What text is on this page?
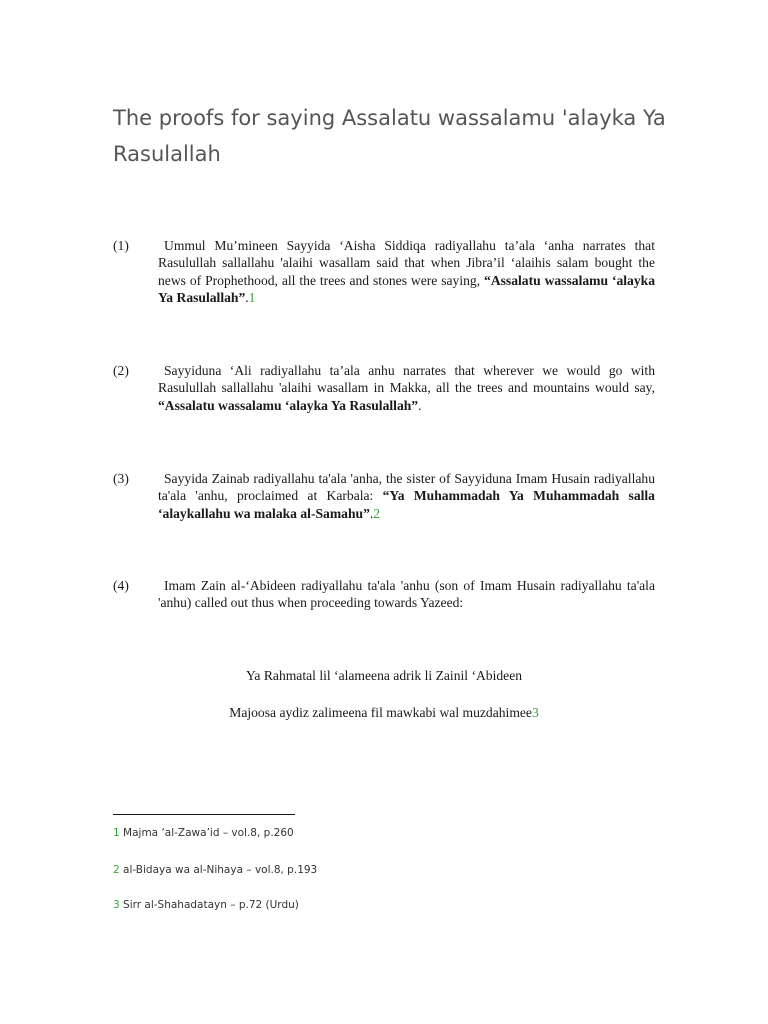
The proofs for saying Assalatu wassalamu 'alayka Ya Rasulallah
(1)	Ummul Mu’mineen Sayyida ‘Aisha Siddiqa radiyallahu ta’ala ‘anha narrates that Rasulullah sallallahu 'alaihi wasallam said that when Jibra’il ‘alaihis salam bought the news of Prophethood, all the trees and stones were saying, “Assalatu wassalamu ‘alayka Ya Rasulallah”.1
(2)	Sayyiduna ‘Ali radiyallahu ta’ala anhu narrates that wherever we would go with Rasulullah sallallahu 'alaihi wasallam in Makka, all the trees and mountains would say, “Assalatu wassalamu ‘alayka Ya Rasulallah”.
(3)	Sayyida Zainab radiyallahu ta'ala 'anha, the sister of Sayyiduna Imam Husain radiyallahu ta'ala 'anhu, proclaimed at Karbala: “Ya Muhammadah Ya Muhammadah salla ‘alaykallahu wa malaka al-Samahu”.2
(4)	Imam Zain al-‘Abideen radiyallahu ta'ala 'anhu (son of Imam Husain radiyallahu ta'ala 'anhu) called out thus when proceeding towards Yazeed:
Ya Rahmatal lil ‘alameena adrik li Zainil ‘Abideen
Majoosa aydiz zalimeena fil mawkabi wal muzdahimee3
1 Majma ‘al-Zawa’id – vol.8, p.260
2 al-Bidaya wa al-Nihaya – vol.8, p.193
3 Sirr al-Shahadatayn – p.72 (Urdu)
